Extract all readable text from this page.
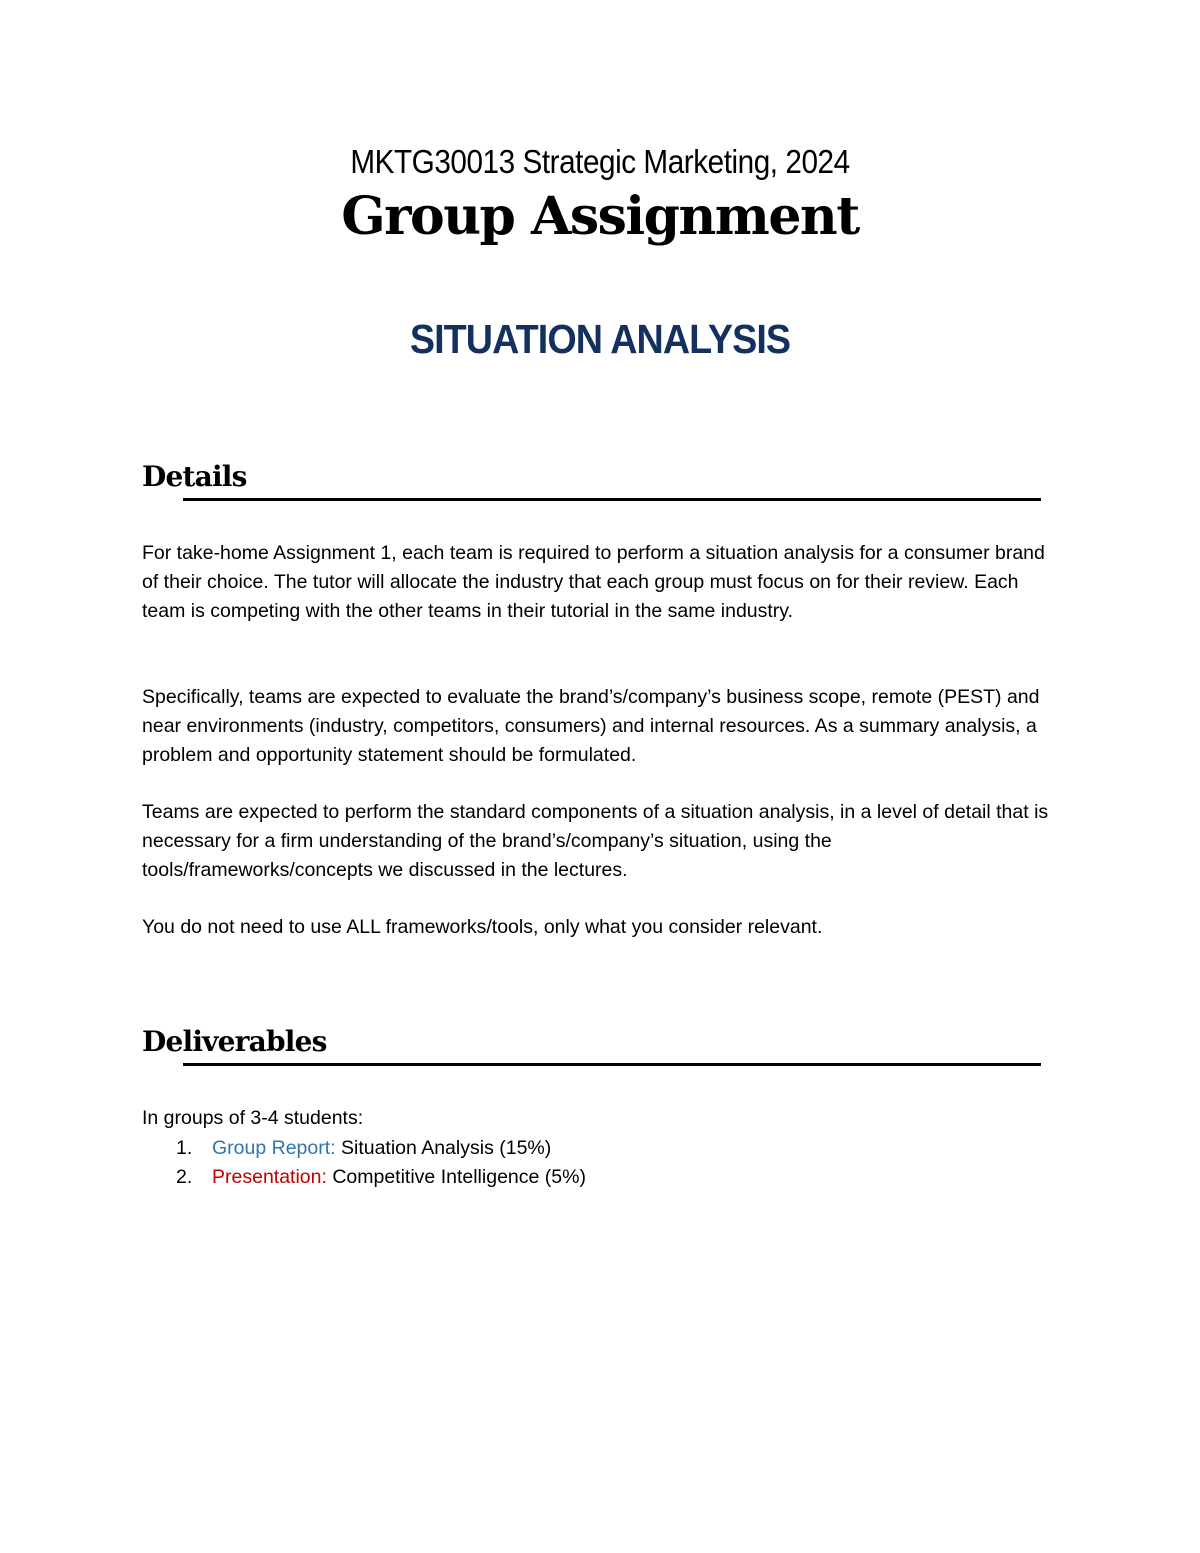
MKTG30013 Strategic Marketing, 2024
Group Assignment
SITUATION ANALYSIS
Details

For take-home Assignment 1, each team is required to perform a situation analysis for a consumer brand of their choice. The tutor will allocate the industry that each group must focus on for their review. Each team is competing with the other teams in their tutorial in the same industry.

Specifically, teams are expected to evaluate the brand’s/company’s business scope, remote (PEST) and near environments (industry, competitors, consumers) and internal resources. As a summary analysis, a problem and opportunity statement should be formulated.

Teams are expected to perform the standard components of a situation analysis, in a level of detail that is necessary for a firm understanding of the brand’s/company’s situation, using the tools/frameworks/concepts we discussed in the lectures.

You do not need to use ALL frameworks/tools, only what you consider relevant.

Deliverables
In groups of 3-4 students:
1. Group Report: Situation Analysis (15%)
2. Presentation: Competitive Intelligence (5%)
